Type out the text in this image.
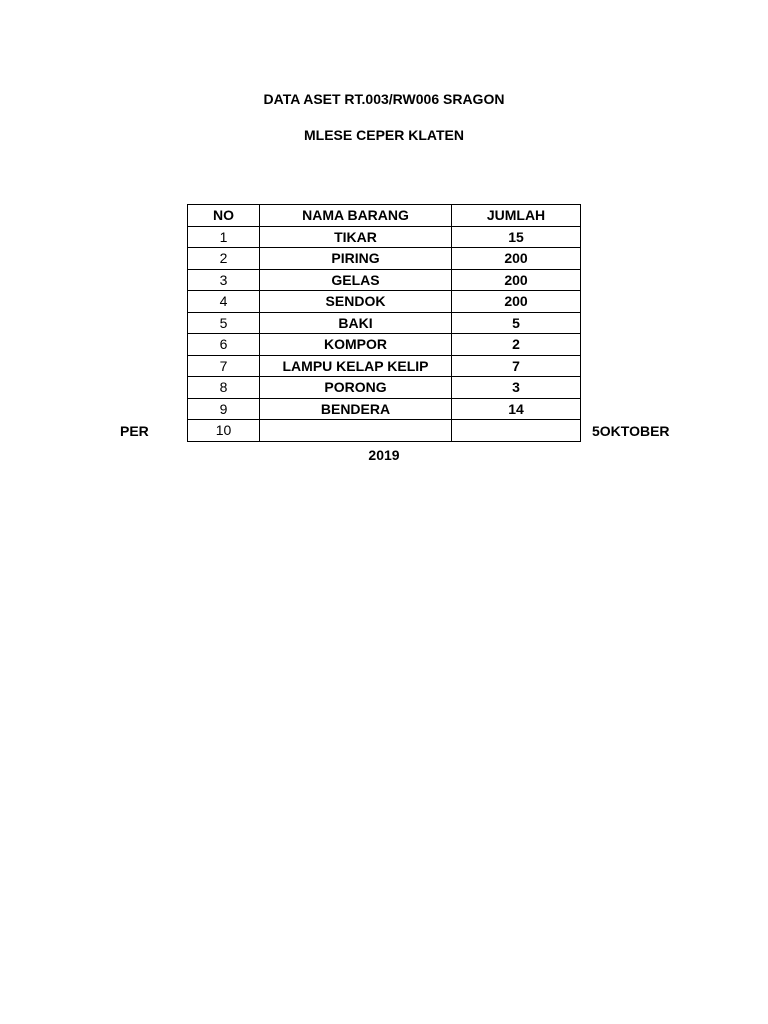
DATA ASET RT.003/RW006 SRAGON
MLESE CEPER KLATEN
NO	NAMA BARANG	JUMLAH
1	TIKAR	15
2	PIRING	200
3	GELAS	200
4	SENDOK	200
5	BAKI	5
6	KOMPOR	2
7	LAMPU KELAP KELIP	7
8	PORONG	3
9	BENDERA	14
10		
PER	5OKTOBER
2019
